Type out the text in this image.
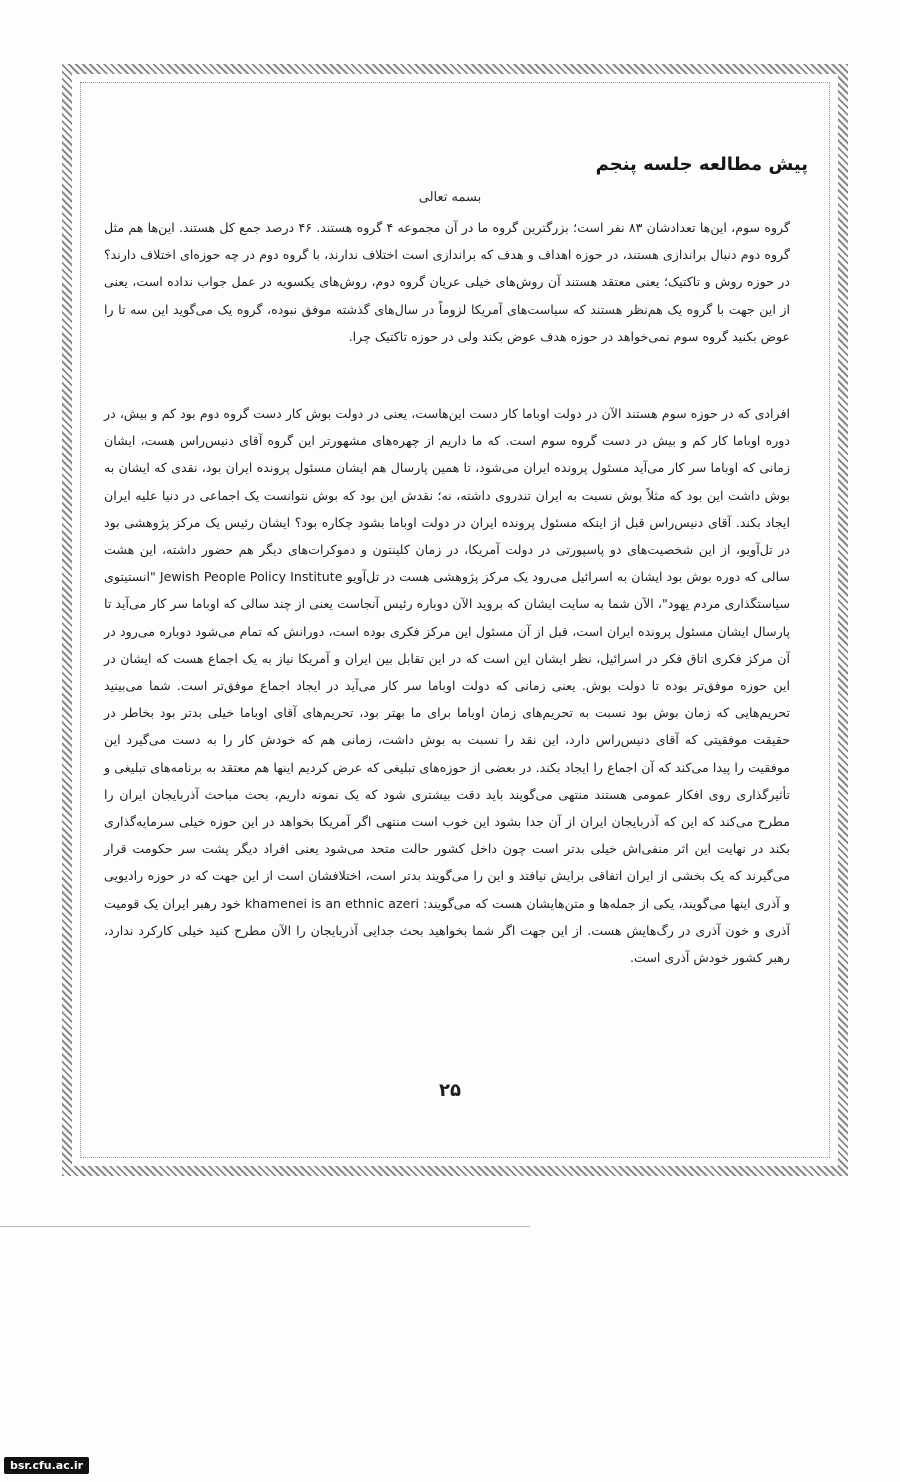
پیش مطالعه جلسه پنجم
بسمه تعالی
گروه سوم، این‌ها تعدادشان ۸۳ نفر است؛ بزرگترین گروه ما در آن مجموعه ۴ گروه هستند. ۴۶ درصد جمع کل هستند. این‌ها هم مثل گروه دوم دنبال براندازی هستند، در حوزه اهداف و هدف که براندازی است اختلاف ندارند، با گروه دوم در چه حوزه‌ای اختلاف دارند؟ در حوزه روش و تاکتیک؛ یعنی معتقد هستند آن روش‌های خیلی عریان گروه دوم، روش‌های یکسویه در عمل جواب نداده است، یعنی از این جهت با گروه یک هم‌نظر هستند که سیاست‌های آمریکا لزوماً در سال‌های گذشته موفق نبوده، گروه یک می‌گوید این سه تا را عوض بکنید گروه سوم نمی‌خواهد در حوزه هدف عوض بکند ولی در حوزه تاکتیک چرا.
افرادی که در حوزه سوم هستند الآن در دولت اوباما کار دست این‌هاست، یعنی در دولت بوش کار دست گروه دوم بود کم و بیش، در دوره اوباما کار کم و بیش در دست گروه سوم است. که ما داریم از چهره‌های مشهورتر این گروه آقای دنیس‌راس هست، ایشان زمانی که اوباما سر کار می‌آید مسئول پرونده ایران می‌شود، تا همین پارسال هم ایشان مسئول پرونده ایران بود، نقدی که ایشان به بوش داشت این بود که مثلاً بوش نسبت به ایران تندروی داشته، نه؛ نقدش این بود که بوش نتوانست یک اجماعی در دنیا علیه ایران ایجاد بکند. آقای دنیس‌راس قبل از اینکه مسئول پرونده ایران در دولت اوباما بشود چکاره بود؟ ایشان رئیس یک مرکز پژوهشی بود در تل‌آویو، از این شخصیت‌های دو پاسپورتی در دولت آمریکا، در زمان کلینتون و دموکرات‌های دیگر هم حضور داشته، این هشت سالی که دوره بوش بود ایشان به اسرائیل می‌رود یک مرکز پژوهشی هست در تل‌آویو Jewish People Policy Institute "انستیتوی سیاستگذاری مردم یهود"، الآن شما به سایت ایشان که بروید الآن دوباره رئیس آنجاست یعنی از چند سالی که اوباما سر کار می‌آید تا پارسال ایشان مسئول پرونده ایران است، قبل از آن مسئول این مرکز فکری بوده است، دورانش که تمام می‌شود دوباره می‌رود در آن مرکز فکری اتاق فکر در اسرائیل، نظر ایشان این است که در این تقابل بین ایران و آمریکا نیاز به یک اجماع هست که ایشان در این حوزه موفق‌تر بوده تا دولت بوش. یعنی زمانی که دولت اوباما سر کار می‌آید در ایجاد اجماع موفق‌تر است. شما می‌بینید تحریم‌هایی که زمان بوش بود نسبت به تحریم‌های زمان اوباما برای ما بهتر بود، تحریم‌های آقای اوباما خیلی بدتر بود بخاطر در حقیقت موفقیتی که آقای دنیس‌راس دارد، این نقد را نسبت به بوش داشت، زمانی هم که خودش کار را به دست می‌گیرد این موفقیت را پیدا می‌کند که آن اجماع را ایجاد بکند. در بعضی از حوزه‌های تبلیغی که عرض کردیم اینها هم معتقد به برنامه‌های تبلیغی و تأثیرگذاری روی افکار عمومی هستند منتهی می‌گویند باید دقت بیشتری شود که یک نمونه داریم، بحث مباحث آذربایجان ایران را مطرح می‌کند که این که آذربایجان ایران از آن جدا بشود این خوب است منتهی اگر آمریکا بخواهد در این حوزه خیلی سرمایه‌گذاری بکند در نهایت این اثر منفی‌اش خیلی بدتر است چون داخل کشور حالت متحد می‌شود یعنی افراد دیگر پشت سر حکومت قرار می‌گیرند که یک بخشی از ایران اتفاقی برایش نیافتد و این را می‌گویند بدتر است، اختلافشان است از این جهت که در حوزه رادیویی و آذری اینها می‌گویند، یکی از جمله‌ها و متن‌هایشان هست که می‌گویند: khamenei is an ethnic azeri خود رهبر ایران یک قومیت آذری و خون آذری در رگ‌هایش هست. از این جهت اگر شما بخواهید بحث جدایی آذربایجان را الآن مطرح کنید خیلی کارکرد ندارد، رهبر کشور خودش آذری است.
۲۵
bsr.cfu.ac.ir
